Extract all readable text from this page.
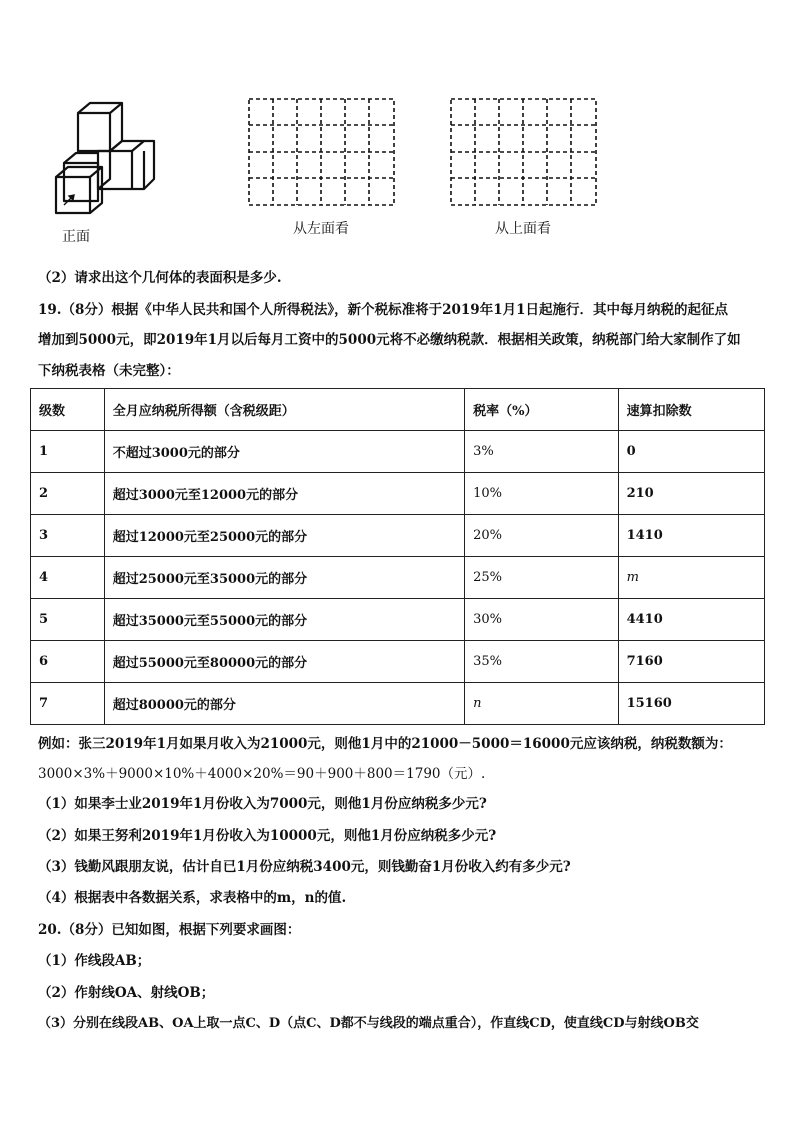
正面	从左面看	从上面看
（2）请求出这个几何体的表面积是多少.
19.（8分）根据《中华人民共和国个人所得税法》，新个税标准将于2019年1月1日起施行．其中每月纳税的起征点
增加到5000元，即2019年1月以后每月工资中的5000元将不必缴纳税款．根据相关政策，纳税部门给大家制作了如
下纳税表格（未完整）：
级数	全月应纳税所得额（含税级距）	税率（%）	速算扣除数
1	不超过3000元的部分	3%	0
2	超过3000元至12000元的部分	10%	210
3	超过12000元至25000元的部分	20%	1410
4	超过25000元至35000元的部分	25%	m
5	超过35000元至55000元的部分	30%	4410
6	超过55000元至80000元的部分	35%	7160
7	超过80000元的部分	n	15160
例如：张三2019年1月如果月收入为21000元，则他1月中的21000－5000＝16000元应该纳税，纳税数额为：
3000×3%＋9000×10%＋4000×20%＝90＋900＋800＝1790（元）.
（1）如果李士业2019年1月份收入为7000元，则他1月份应纳税多少元?
（2）如果王努利2019年1月份收入为10000元，则他1月份应纳税多少元?
（3）钱勤风跟朋友说，估计自已1月份应纳税3400元，则钱勤奋1月份收入约有多少元?
（4）根据表中各数据关系，求表格中的m，n的值.
20.（8分）已知如图，根据下列要求画图：
（1）作线段AB；
（2）作射线OA、射线OB；
（3）分别在线段AB、OA上取一点C、D（点C、D都不与线段的端点重合），作直线CD，使直线CD与射线OB交
